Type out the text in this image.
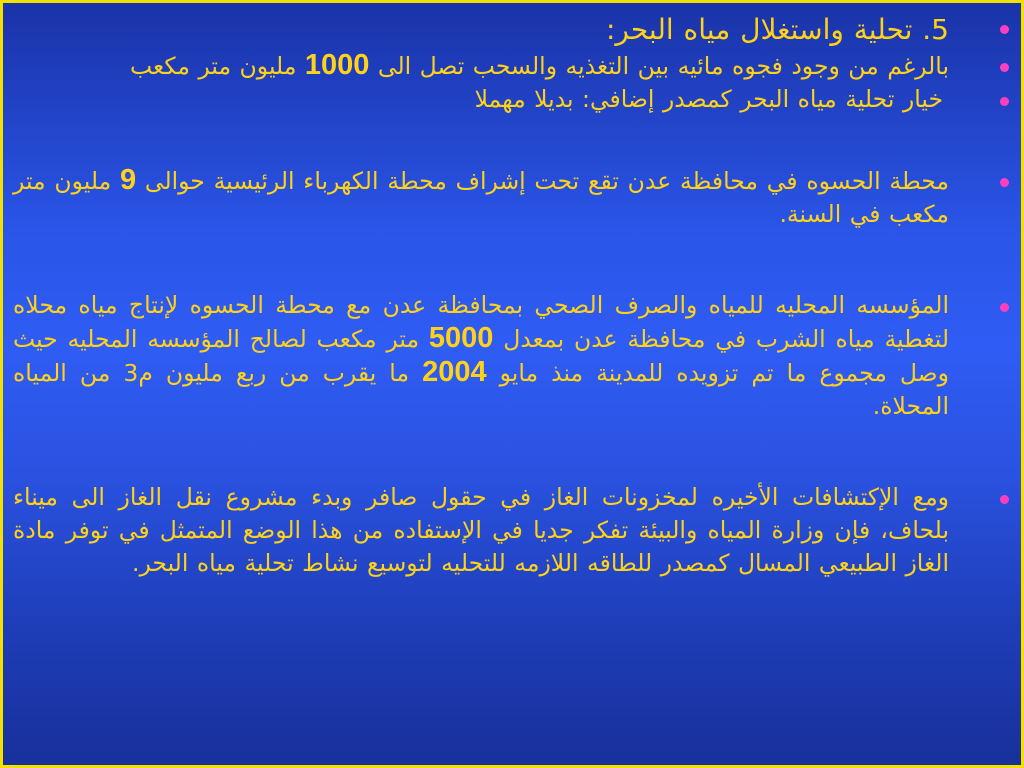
5. تحلية واستغلال مياه البحر:
بالرغم من وجود فجوه مائيه بين التغذيه والسحب تصل الى 1000 مليون متر مكعب
خيار تحلية مياه البحر كمصدر إضافي: بديلا مهملا
محطة الحسوه في محافظة عدن تقع تحت إشراف محطة الكهرباء الرئيسية حوالى 9 مليون متر مكعب في السنة.
المؤسسه المحليه للمياه والصرف الصحي بمحافظة عدن مع محطة الحسوه لإنتاج مياه محلاه لتغطية مياه الشرب في محافظة عدن بمعدل 5000 متر مكعب لصالح المؤسسه المحليه حيث وصل مجموع ما تم تزويده للمدينة منذ مايو 2004 ما يقرب من ربع مليون م3 من المياه المحلاة.
ومع الإكتشافات الأخيره لمخزونات الغاز في حقول صافر وبدء مشروع نقل الغاز الى ميناء بلحاف، فإن وزارة المياه والبيئة تفكر جديا في الإستفاده من هذا الوضع المتمثل في توفر مادة الغاز الطبيعي المسال كمصدر للطاقه اللازمه للتحليه لتوسيع نشاط تحلية مياه البحر.
